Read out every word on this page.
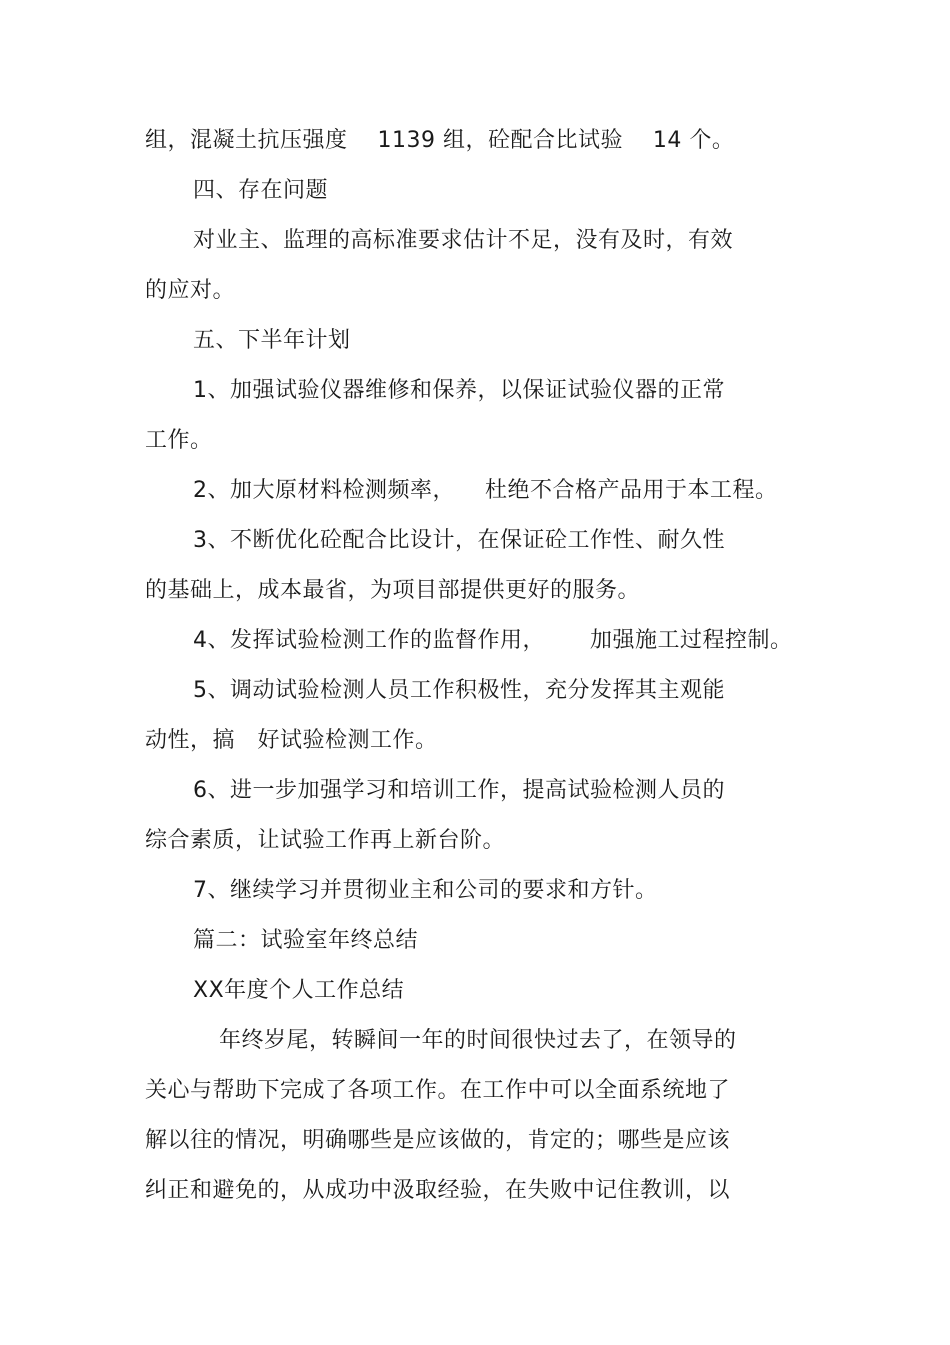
组，混凝土抗压强度    1139 组，砼配合比试验    14 个。
四、存在问题
对业主、监理的高标准要求估计不足，没有及时，有效
的应对。
五、下半年计划
1、加强试验仪器维修和保养，以保证试验仪器的正常
工作。
2、加大原材料检测频率，    杜绝不合格产品用于本工程。
3、不断优化砼配合比设计，在保证砼工作性、耐久性
的基础上，成本最省，为项目部提供更好的服务。
4、发挥试验检测工作的监督作用，      加强施工过程控制。
5、调动试验检测人员工作积极性，充分发挥其主观能
动性，搞   好试验检测工作。
6、进一步加强学习和培训工作，提高试验检测人员的
综合素质，让试验工作再上新台阶。
7、继续学习并贯彻业主和公司的要求和方针。
篇二：试验室年终总结
XX年度个人工作总结
年终岁尾，转瞬间一年的时间很快过去了，在领导的
关心与帮助下完成了各项工作。在工作中可以全面系统地了
解以往的情况，明确哪些是应该做的，肯定的；哪些是应该
纠正和避免的，从成功中汲取经验，在失败中记住教训，以
